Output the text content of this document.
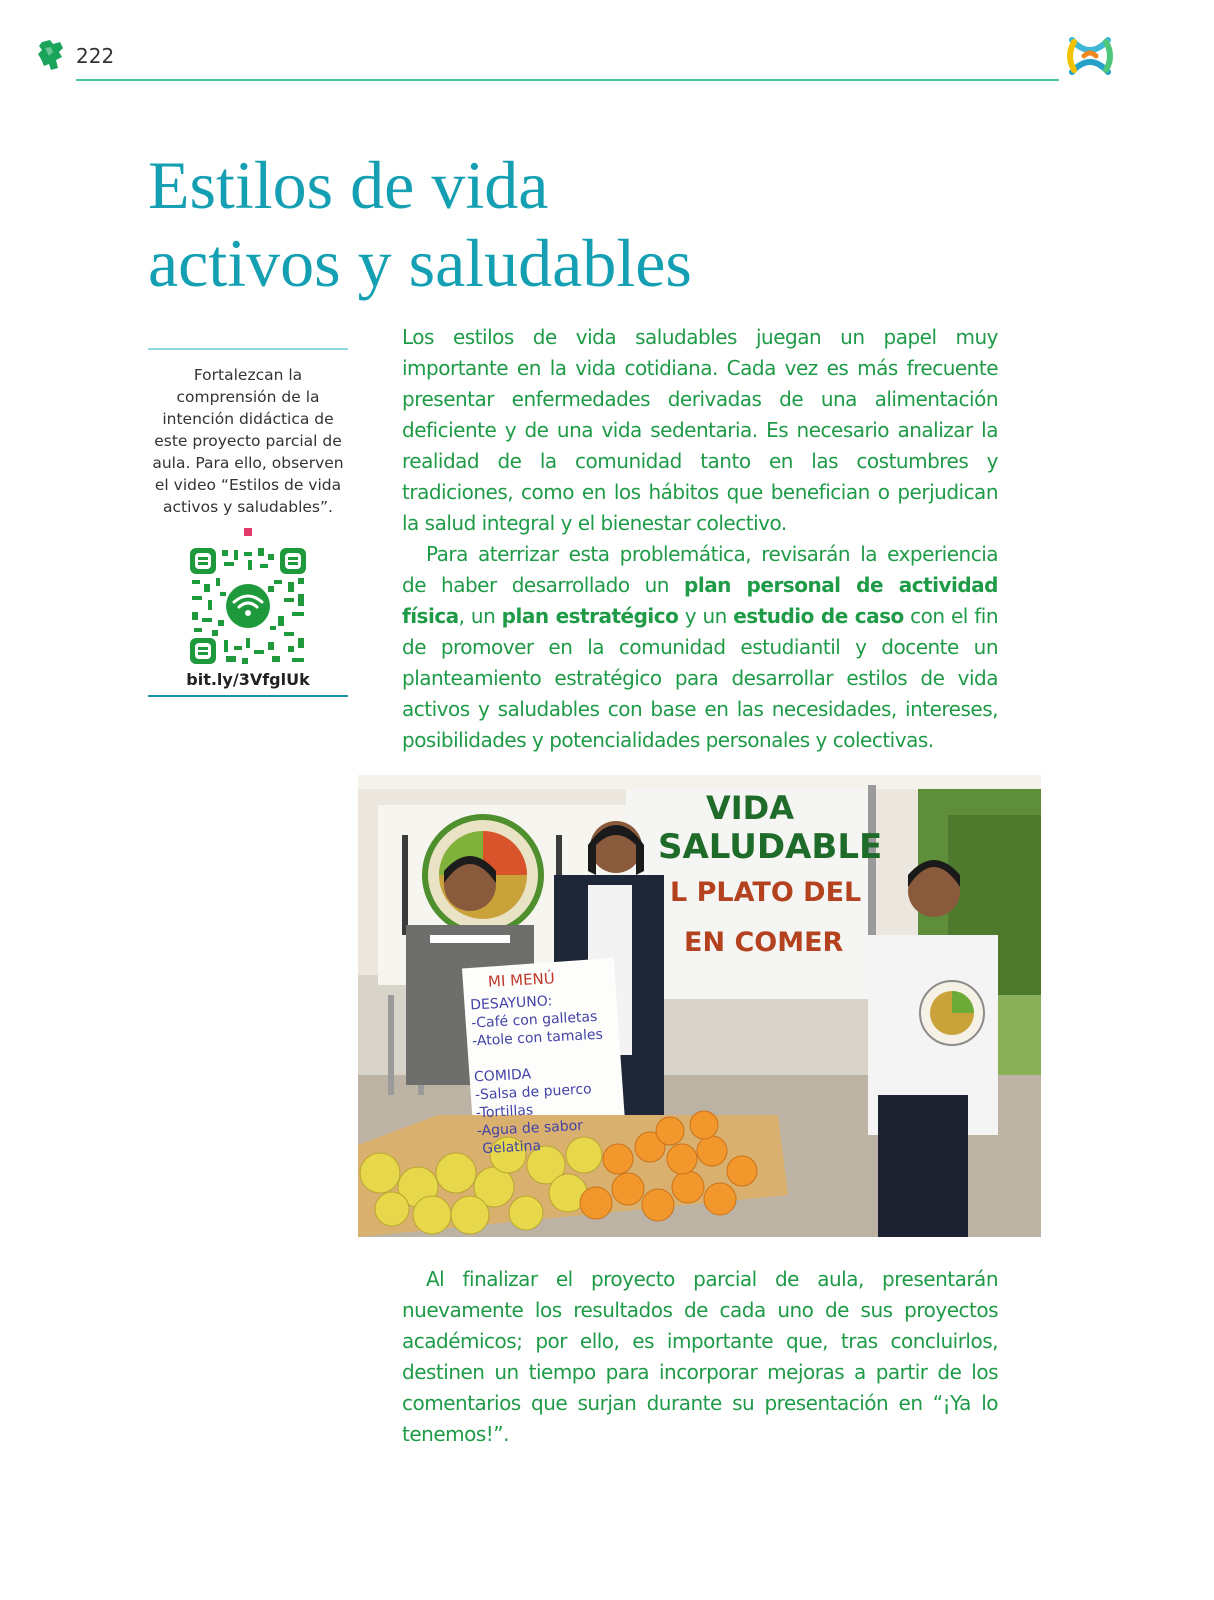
222
Estilos de vida
activos y saludables

Fortalezcan la comprensión de la intención didáctica de este proyecto parcial de aula. Para ello, observen el video “Estilos de vida activos y saludables”.

bit.ly/3VfglUk

Los estilos de vida saludables juegan un papel muy importante en la vida cotidiana. Cada vez es más frecuente presentar enfermedades derivadas de una alimentación deficiente y de una vida sedentaria. Es necesario analizar la realidad de la comunidad tanto en las costumbres y tradiciones, como en los hábitos que benefician o perjudican la salud integral y el bienestar colectivo.

Para aterrizar esta problemática, revisarán la experiencia de haber desarrollado un plan personal de actividad física, un plan estratégico y un estudio de caso con el fin de promover en la comunidad estudiantil y docente un planteamiento estratégico para desarrollar estilos de vida activos y saludables con base en las necesidades, intereses, posibilidades y potencialidades personales y colectivas.

VIDA
SALUDABLE
L PLATO DEL
EN COMER
MI MENÚ
DESAYUNO:
-Café con galletas
-Atole con tamales

COMIDA
-Salsa de puerco
-Tortillas
-Agua de sabor
Gelatina

Al finalizar el proyecto parcial de aula, presentarán nuevamente los resultados de cada uno de sus proyectos académicos; por ello, es importante que, tras concluirlos, destinen un tiempo para incorporar mejoras a partir de los comentarios que surjan durante su presentación en “¡Ya lo tenemos!”.
